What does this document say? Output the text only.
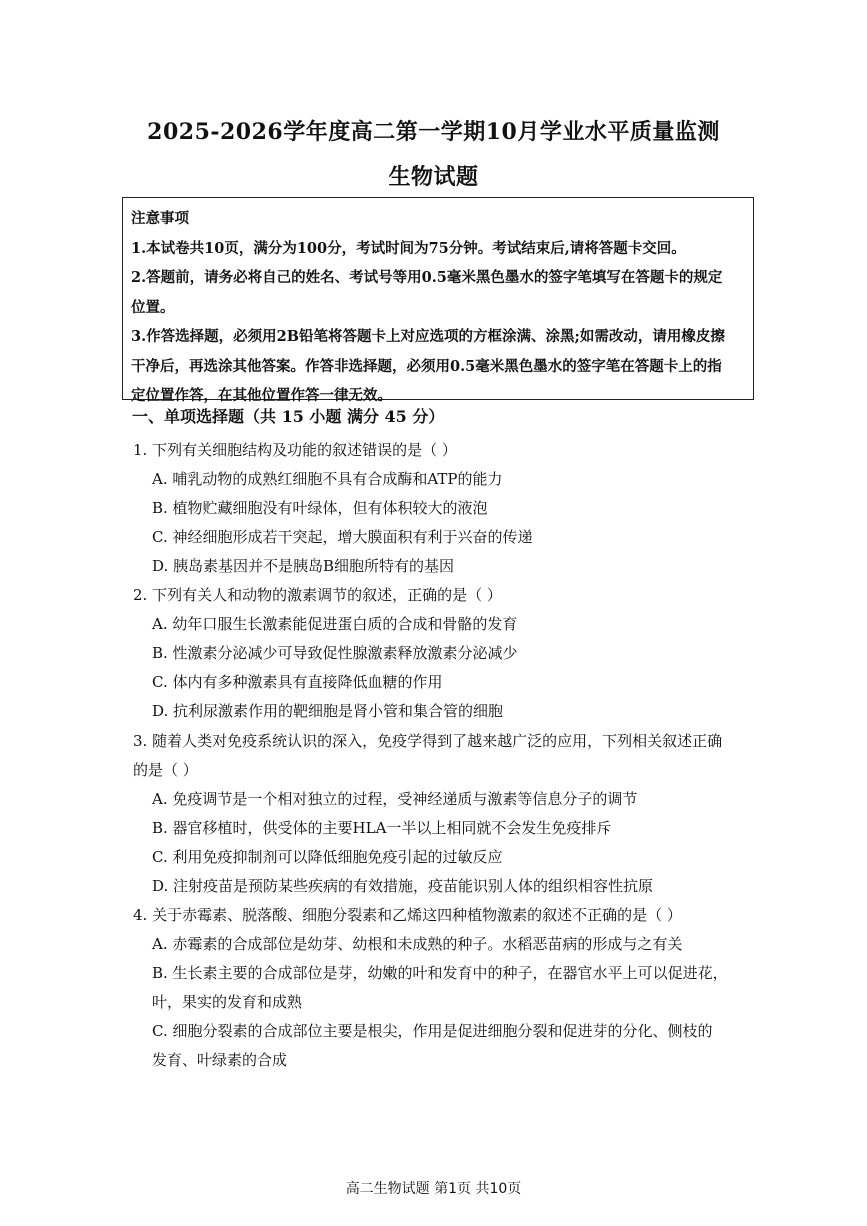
2025-2026学年度高二第一学期10月学业水平质量监测
生物试题

注意事项

1.本试卷共10页，满分为100分，考试时间为75分钟。考试结束后,请将答题卡交回。

2.答题前，请务必将自己的姓名、考试号等用0.5毫米黑色墨水的签字笔填写在答题卡的规定

位置。

3.作答选择题，必须用2B铅笔将答题卡上对应选项的方框涂满、涂黑;如需改动，请用橡皮擦

干净后，再选涂其他答案。作答非选择题，必须用0.5毫米黑色墨水的签字笔在答题卡上的指

定位置作答，在其他位置作答一律无效。

一、单项选择题（共 15 小题 满分 45 分）
1. 下列有关细胞结构及功能的叙述错误的是（ ）
A. 哺乳动物的成熟红细胞不具有合成酶和ATP的能力
B. 植物贮藏细胞没有叶绿体，但有体积较大的液泡
C. 神经细胞形成若干突起，增大膜面积有利于兴奋的传递
D. 胰岛素基因并不是胰岛B细胞所特有的基因
2. 下列有关人和动物的激素调节的叙述，正确的是（ ）
A. 幼年口服生长激素能促进蛋白质的合成和骨骼的发育
B. 性激素分泌减少可导致促性腺激素释放激素分泌减少
C. 体内有多种激素具有直接降低血糖的作用
D. 抗利尿激素作用的靶细胞是肾小管和集合管的细胞
3. 随着人类对免疫系统认识的深入，免疫学得到了越来越广泛的应用，下列相关叙述正确
的是（ ）
A. 免疫调节是一个相对独立的过程，受神经递质与激素等信息分子的调节
B. 器官移植时，供受体的主要HLA一半以上相同就不会发生免疫排斥
C. 利用免疫抑制剂可以降低细胞免疫引起的过敏反应
D. 注射疫苗是预防某些疾病的有效措施，疫苗能识别人体的组织相容性抗原
4. 关于赤霉素、脱落酸、细胞分裂素和乙烯这四种植物激素的叙述不正确的是（ ）
A. 赤霉素的合成部位是幼芽、幼根和未成熟的种子。水稻恶苗病的形成与之有关
B. 生长素主要的合成部位是芽，幼嫩的叶和发育中的种子，在器官水平上可以促进花，
叶，果实的发育和成熟
C. 细胞分裂素的合成部位主要是根尖，作用是促进细胞分裂和促进芽的分化、侧枝的
发育、叶绿素的合成
高二生物试题 第1页 共10页
